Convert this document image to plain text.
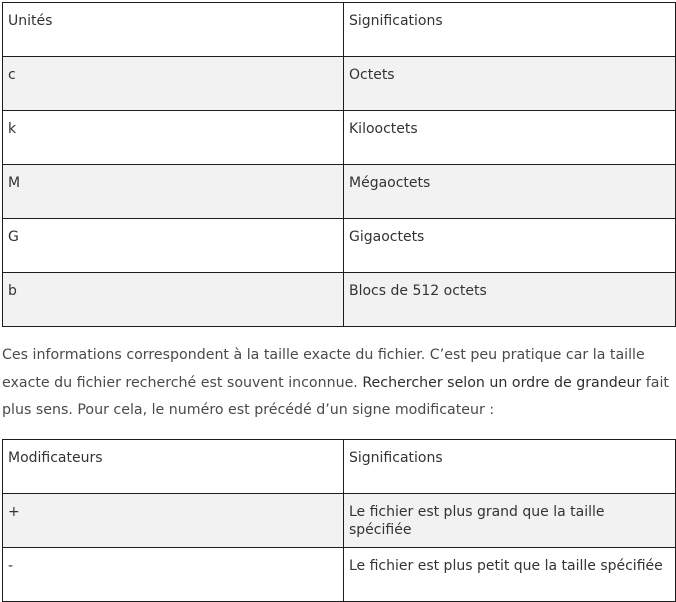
Unités	Significations
c	Octets
k	Kilooctets
M	Mégaoctets
G	Gigaoctets
b	Blocs de 512 octets

Ces informations correspondent à la taille exacte du fichier. C’est peu pratique car la taille exacte du fichier recherché est souvent inconnue. Rechercher selon un ordre de grandeur fait plus sens. Pour cela, le numéro est précédé d’un signe modificateur :

Modificateurs	Significations
+	Le fichier est plus grand que la taille spécifiée
-	Le fichier est plus petit que la taille spécifiée
